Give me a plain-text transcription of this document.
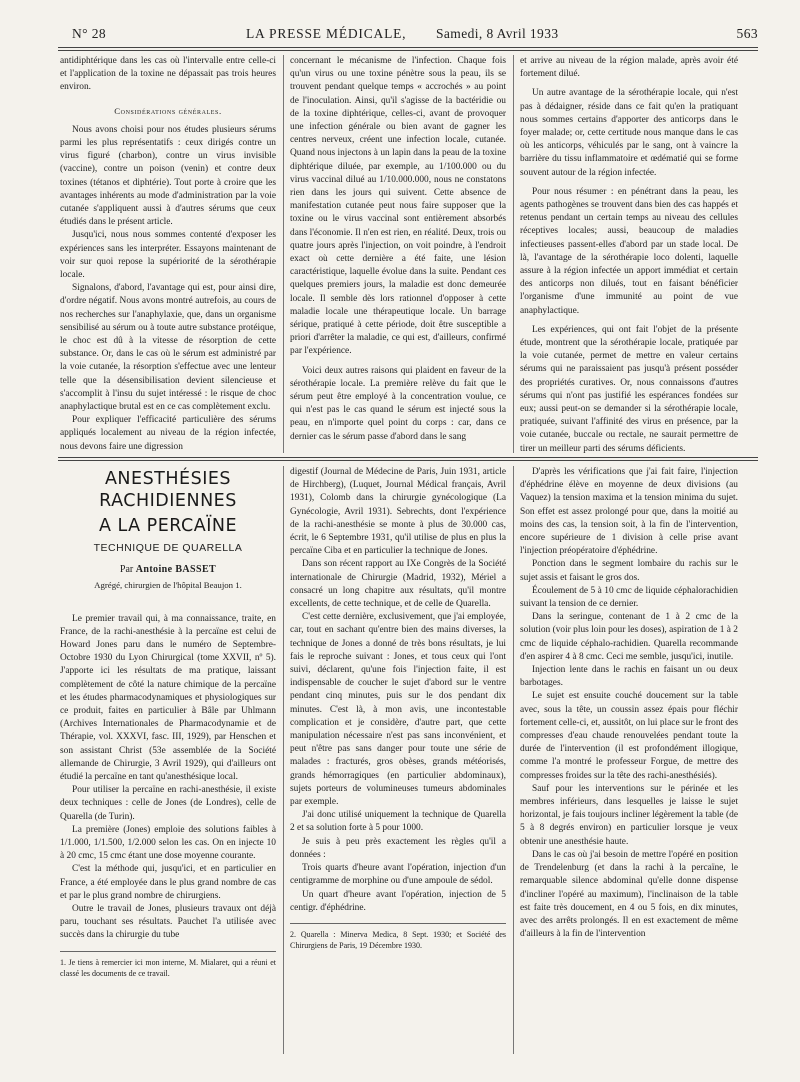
N° 28	LA PRESSE MÉDICALE, Samedi, 8 Avril 1933	563

antidiphtérique dans les cas où l'intervalle entre celle-ci et l'application de la toxine ne dépassait pas trois heures environ.

Considérations générales.

Nous avons choisi pour nos études plusieurs sérums parmi les plus représentatifs : ceux dirigés contre un virus figuré (charbon), contre un virus invisible (vaccine), contre un poison (venin) et contre deux toxines (tétanos et diphtérie). Tout porte à croire que les avantages inhérents au mode d'administration par la voie cutanée s'appliquent aussi à d'autres sérums que ceux étudiés dans le présent article.

Jusqu'ici, nous nous sommes contenté d'exposer les expériences sans les interpréter. Essayons maintenant de voir sur quoi repose la supériorité de la sérothérapie locale.

Signalons, d'abord, l'avantage qui est, pour ainsi dire, d'ordre négatif. Nous avons montré autrefois, au cours de nos recherches sur l'anaphylaxie, que, dans un organisme sensibilisé au sérum ou à toute autre substance protéique, le choc est dû à la vitesse de résorption de cette substance. Or, dans le cas où le sérum est administré par la voie cutanée, la résorption s'effectue avec une lenteur telle que la désensibilisation devient silencieuse et s'accomplit à l'insu du sujet intéressé : le risque de choc anaphylactique brutal est en ce cas complètement exclu.

Pour expliquer l'efficacité particulière des sérums appliqués localement au niveau de la région infectée, nous devons faire une digression

concernant le mécanisme de l'infection. Chaque fois qu'un virus ou une toxine pénètre sous la peau, ils se trouvent pendant quelque temps « accrochés » au point de l'inoculation. Ainsi, qu'il s'agisse de la bactéridie ou de la toxine diphtérique, celles-ci, avant de provoquer une infection générale ou bien avant de gagner les centres nerveux, créent une infection locale, cutanée. Quand nous injectons à un lapin dans la peau de la toxine diphtérique diluée, par exemple, au 1/100.000 ou du virus vaccinal dilué au 1/10.000.000, nous ne constatons rien dans les jours qui suivent. Cette absence de manifestation cutanée peut nous faire supposer que la toxine ou le virus vaccinal sont entièrement absorbés dans l'économie. Il n'en est rien, en réalité. Deux, trois ou quatre jours après l'injection, on voit poindre, à l'endroit exact où cette dernière a été faite, une lésion caractéristique, laquelle évolue dans la suite. Pendant ces quelques premiers jours, la maladie est donc demeurée locale. Il semble dès lors rationnel d'opposer à cette maladie locale une thérapeutique locale. Un barrage sérique, pratiqué à cette période, doit être susceptible a priori d'arrêter la maladie, ce qui est, d'ailleurs, confirmé par l'expérience.

Voici deux autres raisons qui plaident en faveur de la sérothérapie locale. La première relève du fait que le sérum peut être employé à la concentration voulue, ce qui n'est pas le cas quand le sérum est injecté sous la peau, en n'importe quel point du corps : car, dans ce dernier cas le sérum passe d'abord dans le sang

et arrive au niveau de la région malade, après avoir été fortement dilué.

Un autre avantage de la sérothérapie locale, qui n'est pas à dédaigner, réside dans ce fait qu'en la pratiquant nous sommes certains d'apporter des anticorps dans le foyer malade; or, cette certitude nous manque dans le cas où les anticorps, véhiculés par le sang, ont à vaincre la barrière du tissu inflammatoire et œdématié qui se forme souvent autour de la région infectée.

Pour nous résumer : en pénétrant dans la peau, les agents pathogènes se trouvent dans bien des cas happés et retenus pendant un certain temps au niveau des cellules réceptives locales; aussi, beaucoup de maladies infectieuses passent-elles d'abord par un stade local. De là, l'avantage de la sérothérapie loco dolenti, laquelle assure à la région infectée un apport immédiat et certain des anticorps non dilués, tout en faisant bénéficier l'organisme d'une immunité au point de vue anaphylactique.

Les expériences, qui ont fait l'objet de la présente étude, montrent que la sérothérapie locale, pratiquée par la voie cutanée, permet de mettre en valeur certains sérums qui ne paraissaient pas jusqu'à présent posséder des propriétés curatives. Or, nous connaissons d'autres sérums qui n'ont pas justifié les espérances fondées sur eux; aussi peut-on se demander si la sérothérapie locale, pratiquée, suivant l'affinité des virus en présence, par la voie cutanée, buccale ou rectale, ne saurait permettre de tirer un meilleur parti des sérums déficients.

ANESTHÉSIES RACHIDIENNES
A LA PERCAÏNE
TECHNIQUE DE QUARELLA
Par Antoine BASSET
Agrégé, chirurgien de l'hôpital Beaujon 1.

Le premier travail qui, à ma connaissance, traite, en France, de la rachi-anesthésie à la percaïne est celui de Howard Jones paru dans le numéro de Septembre-Octobre 1930 du Lyon Chirurgical (tome XXVII, nº 5). J'apporte ici les résultats de ma pratique, laissant complètement de côté la nature chimique de la percaïne et les études pharmacodynamiques et physiologiques sur ce produit, faites en particulier à Bâle par Uhlmann (Archives Internationales de Pharmacodynamie et de Thérapie, vol. XXXVI, fasc. III, 1929), par Henschen et son assistant Christ (53e assemblée de la Société allemande de Chirurgie, 3 Avril 1929), qui d'ailleurs ont étudié la percaïne en tant qu'anesthésique local.

Pour utiliser la percaïne en rachi-anesthésie, il existe deux techniques : celle de Jones (de Londres), celle de Quarella (de Turin).

La première (Jones) emploie des solutions faibles à 1/1.000, 1/1.500, 1/2.000 selon les cas. On en injecte 10 à 20 cmc, 15 cmc étant une dose moyenne courante.

C'est la méthode qui, jusqu'ici, et en particulier en France, a été employée dans le plus grand nombre de cas et par le plus grand nombre de chirurgiens.

Outre le travail de Jones, plusieurs travaux ont déjà paru, touchant ses résultats. Pauchet l'a utilisée avec succès dans la chirurgie du tube

1. Je tiens à remercier ici mon interne, M. Mialaret, qui a réuni et classé les documents de ce travail.

digestif (Journal de Médecine de Paris, Juin 1931, article de Hirchberg), (Luquet, Journal Médical français, Avril 1931), Colomb dans la chirurgie gynécologique (La Gynécologie, Avril 1931). Sebrechts, dont l'expérience de la rachi-anesthésie se monte à plus de 30.000 cas, écrit, le 6 Septembre 1931, qu'il utilise de plus en plus la percaïne Ciba et en particulier la technique de Jones.

Dans son récent rapport au IXe Congrès de la Société internationale de Chirurgie (Madrid, 1932), Mériel a consacré un long chapitre aux résultats, qu'il montre excellents, de cette technique, et de celle de Quarella.

C'est cette dernière, exclusivement, que j'ai employée, car, tout en sachant qu'entre bien des mains diverses, la technique de Jones a donné de très bons résultats, je lui fais le reproche suivant : Jones, et tous ceux qui l'ont suivi, déclarent, qu'une fois l'injection faite, il est indispensable de coucher le sujet d'abord sur le ventre pendant cinq minutes, puis sur le dos pendant dix minutes. C'est là, à mon avis, une incontestable complication et je considère, d'autre part, que cette manipulation nécessaire n'est pas sans inconvénient, et peut n'être pas sans danger pour toute une série de malades : fracturés, gros obèses, grands météorisés, grands hémorragiques (en particulier abdominaux), sujets porteurs de volumineuses tumeurs abdominales par exemple.

J'ai donc utilisé uniquement la technique de Quarella 2 et sa solution forte à 5 pour 1000.

Je suis à peu près exactement les règles qu'il a données :

Trois quarts d'heure avant l'opération, injection d'un centigramme de morphine ou d'une ampoule de sédol.

Un quart d'heure avant l'opération, injection de 5 centigr. d'éphédrine.

2. Quarella : Minerva Medica, 8 Sept. 1930; et Société des Chirurgiens de Paris, 19 Décembre 1930.

D'après les vérifications que j'ai fait faire, l'injection d'éphédrine élève en moyenne de deux divisions (au Vaquez) la tension maxima et la tension minima du sujet. Son effet est assez prolongé pour que, dans la moitié au moins des cas, la tension soit, à la fin de l'intervention, encore supérieure de 1 division à celle prise avant l'injection préopératoire d'éphédrine.

Ponction dans le segment lombaire du rachis sur le sujet assis et faisant le gros dos.

Écoulement de 5 à 10 cmc de liquide céphalorachidien suivant la tension de ce dernier.

Dans la seringue, contenant de 1 à 2 cmc de la solution (voir plus loin pour les doses), aspiration de 1 à 2 cmc de liquide céphalo-rachidien. Quarella recommande d'en aspirer 4 à 8 cmc. Ceci me semble, jusqu'ici, inutile.

Injection lente dans le rachis en faisant un ou deux barbotages.

Le sujet est ensuite couché doucement sur la table avec, sous la tête, un coussin assez épais pour fléchir fortement celle-ci, et, aussitôt, on lui place sur le front des compresses d'eau chaude renouvelées pendant toute la durée de l'intervention (il est profondément illogique, comme l'a montré le professeur Forgue, de mettre des compresses froides sur la tête des rachi-anesthésiés).

Sauf pour les interventions sur le périnée et les membres inférieurs, dans lesquelles je laisse le sujet horizontal, je fais toujours incliner légèrement la table (de 5 à 8 degrés environ) en particulier lorsque je veux obtenir une anesthésie haute.

Dans le cas où j'ai besoin de mettre l'opéré en position de Trendelenburg (et dans la rachi à la percaïne, le remarquable silence abdominal qu'elle donne dispense d'incliner l'opéré au maximum), l'inclinaison de la table est faite très doucement, en 4 ou 5 fois, en dix minutes, avec des arrêts prolongés. Il en est exactement de même d'ailleurs à la fin de l'intervention
